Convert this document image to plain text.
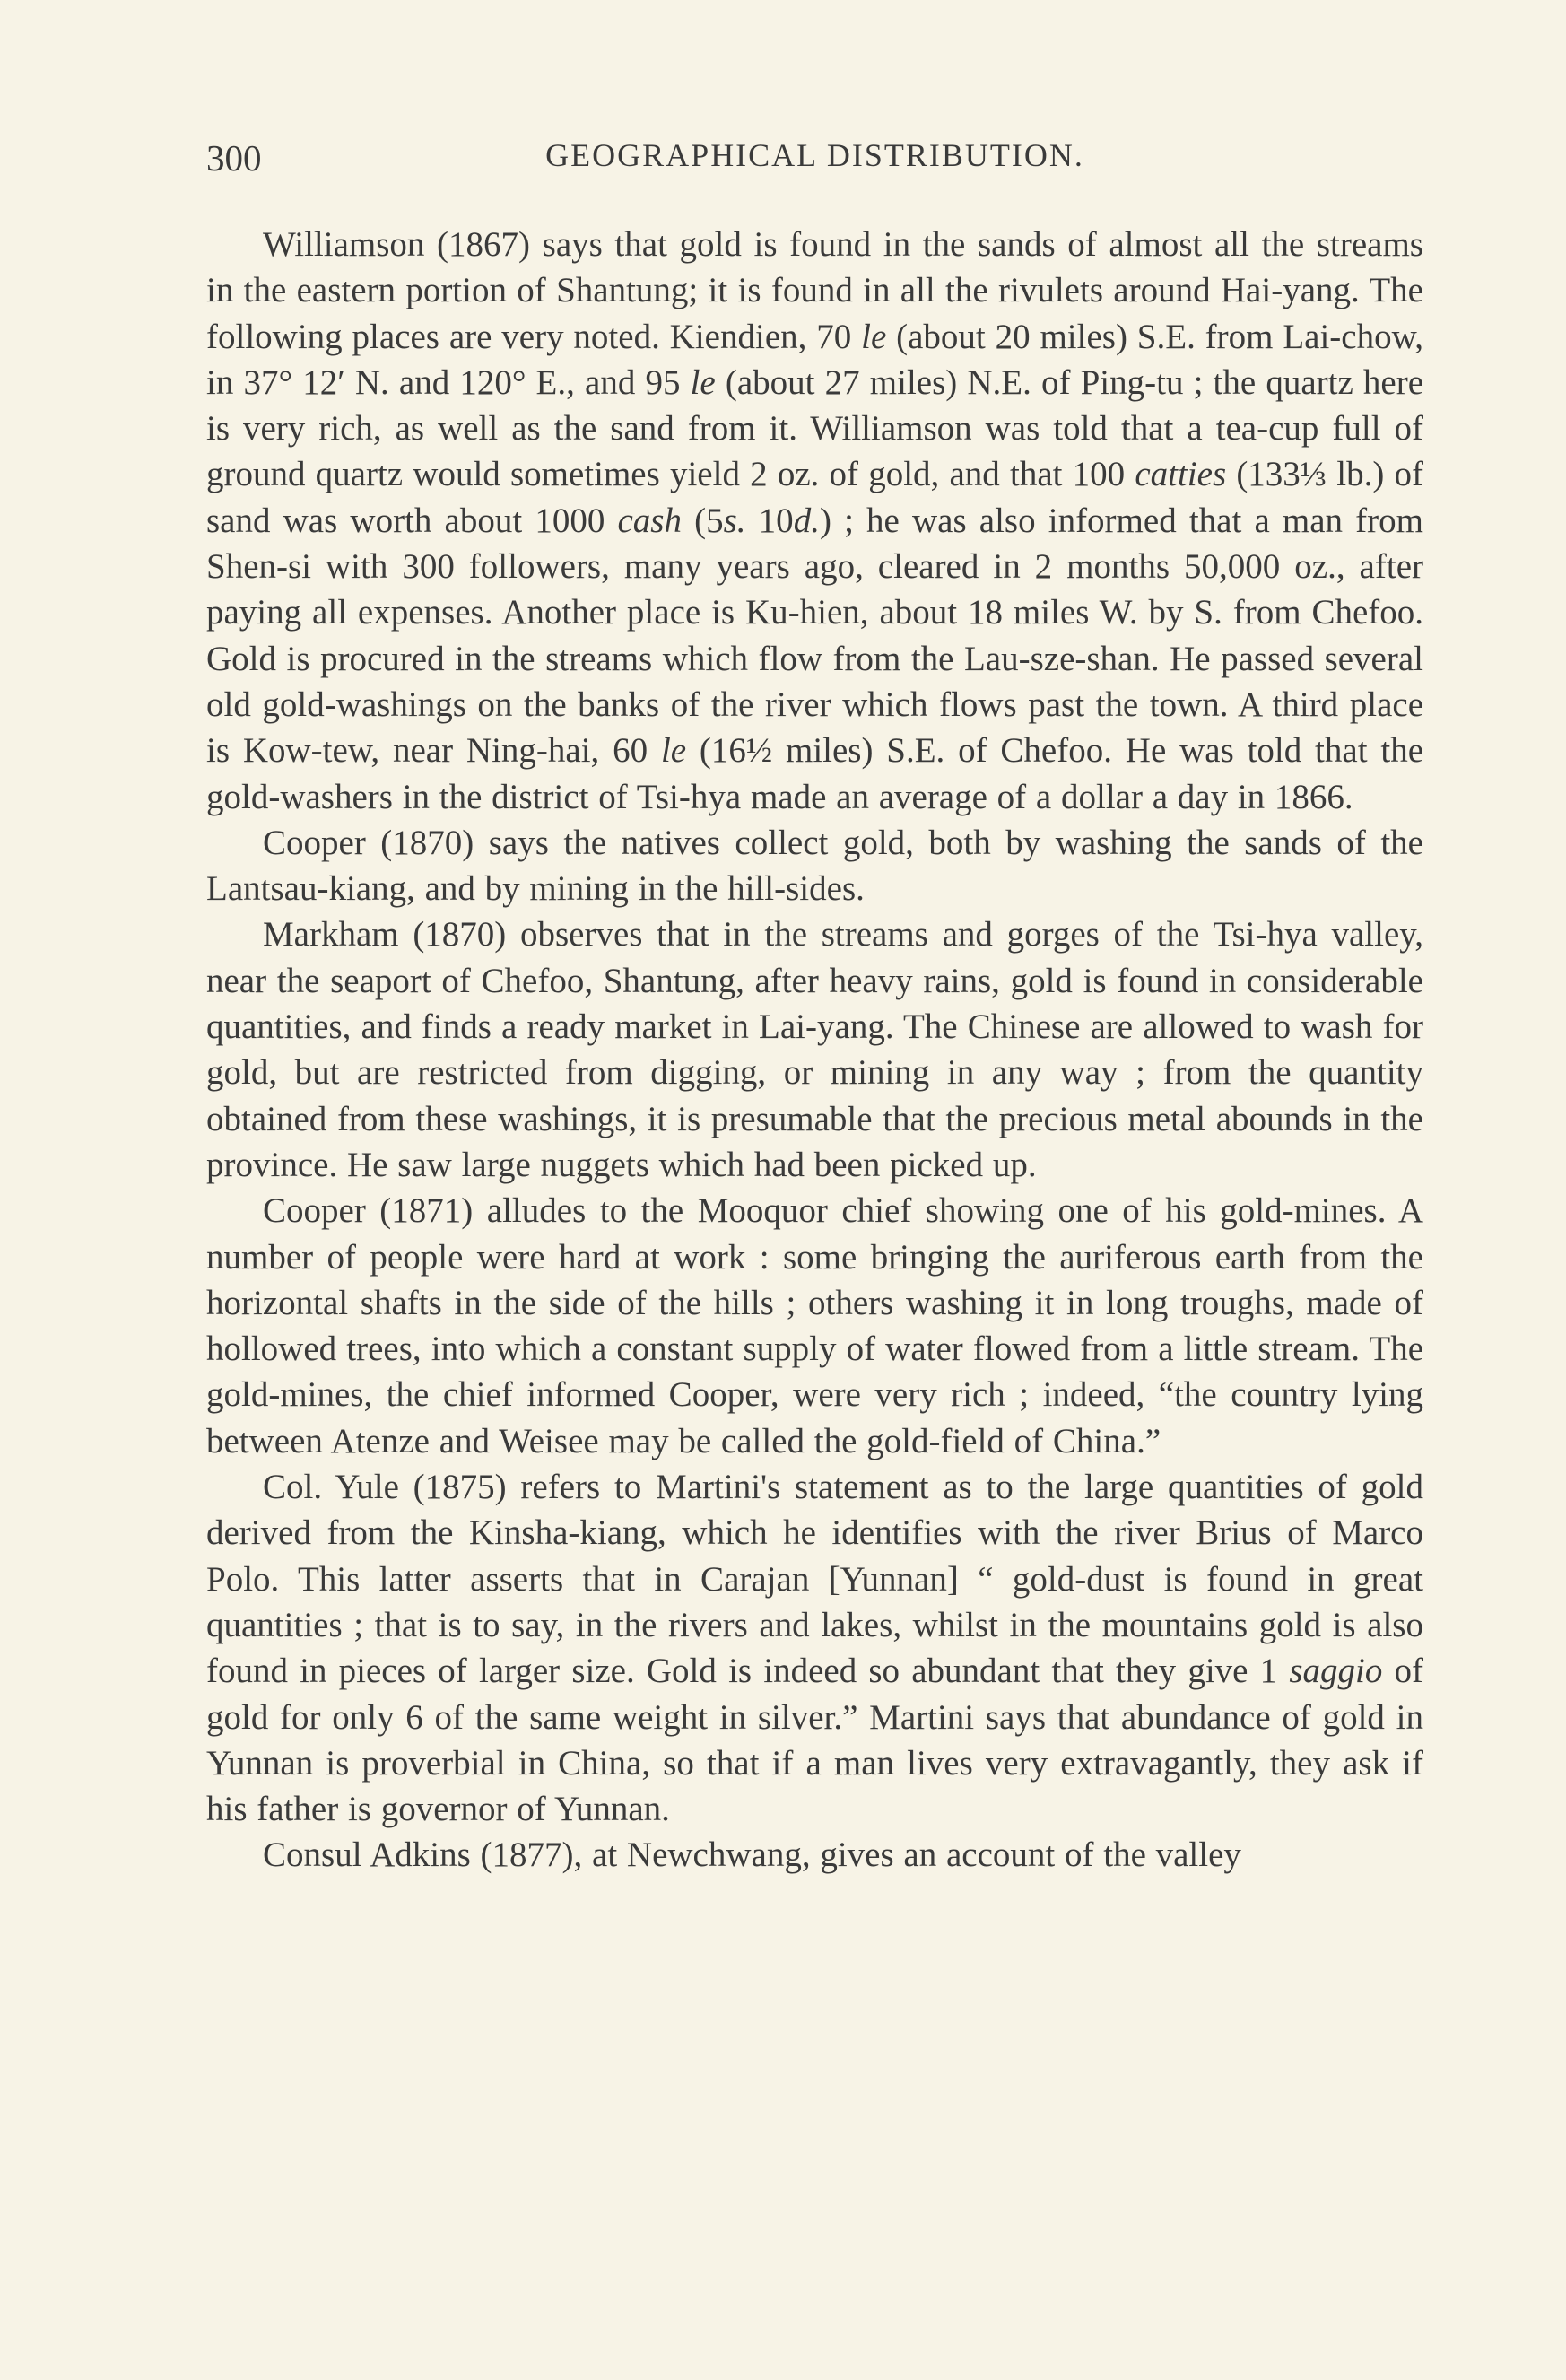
300	GEOGRAPHICAL DISTRIBUTION.

Williamson (1867) says that gold is found in the sands of almost all the streams in the eastern portion of Shantung; it is found in all the rivulets around Hai-yang. The following places are very noted. Kiendien, 70 le (about 20 miles) S.E. from Lai-chow, in 37° 12′ N. and 120° E., and 95 le (about 27 miles) N.E. of Ping-tu ; the quartz here is very rich, as well as the sand from it. Williamson was told that a tea-cup full of ground quartz would sometimes yield 2 oz. of gold, and that 100 catties (133⅓ lb.) of sand was worth about 1000 cash (5s. 10d.) ; he was also informed that a man from Shen-si with 300 followers, many years ago, cleared in 2 months 50,000 oz., after paying all expenses. Another place is Ku-hien, about 18 miles W. by S. from Chefoo. Gold is procured in the streams which flow from the Lau-sze-shan. He passed several old gold-washings on the banks of the river which flows past the town. A third place is Kow-tew, near Ning-hai, 60 le (16½ miles) S.E. of Chefoo. He was told that the gold-washers in the district of Tsi-hya made an average of a dollar a day in 1866.

Cooper (1870) says the natives collect gold, both by washing the sands of the Lantsau-kiang, and by mining in the hill-sides.

Markham (1870) observes that in the streams and gorges of the Tsi-hya valley, near the seaport of Chefoo, Shantung, after heavy rains, gold is found in considerable quantities, and finds a ready market in Lai-yang. The Chinese are allowed to wash for gold, but are restricted from digging, or mining in any way ; from the quantity obtained from these washings, it is presumable that the precious metal abounds in the province. He saw large nuggets which had been picked up.

Cooper (1871) alludes to the Mooquor chief showing one of his gold-mines. A number of people were hard at work : some bringing the auriferous earth from the horizontal shafts in the side of the hills ; others washing it in long troughs, made of hollowed trees, into which a constant supply of water flowed from a little stream. The gold-mines, the chief informed Cooper, were very rich ; indeed, “the country lying between Atenze and Weisee may be called the gold-field of China.”

Col. Yule (1875) refers to Martini's statement as to the large quantities of gold derived from the Kinsha-kiang, which he identifies with the river Brius of Marco Polo. This latter asserts that in Carajan [Yunnan] “ gold-dust is found in great quantities ; that is to say, in the rivers and lakes, whilst in the mountains gold is also found in pieces of larger size. Gold is indeed so abundant that they give 1 saggio of gold for only 6 of the same weight in silver.” Martini says that abundance of gold in Yunnan is proverbial in China, so that if a man lives very extravagantly, they ask if his father is governor of Yunnan.

Consul Adkins (1877), at Newchwang, gives an account of the valley
